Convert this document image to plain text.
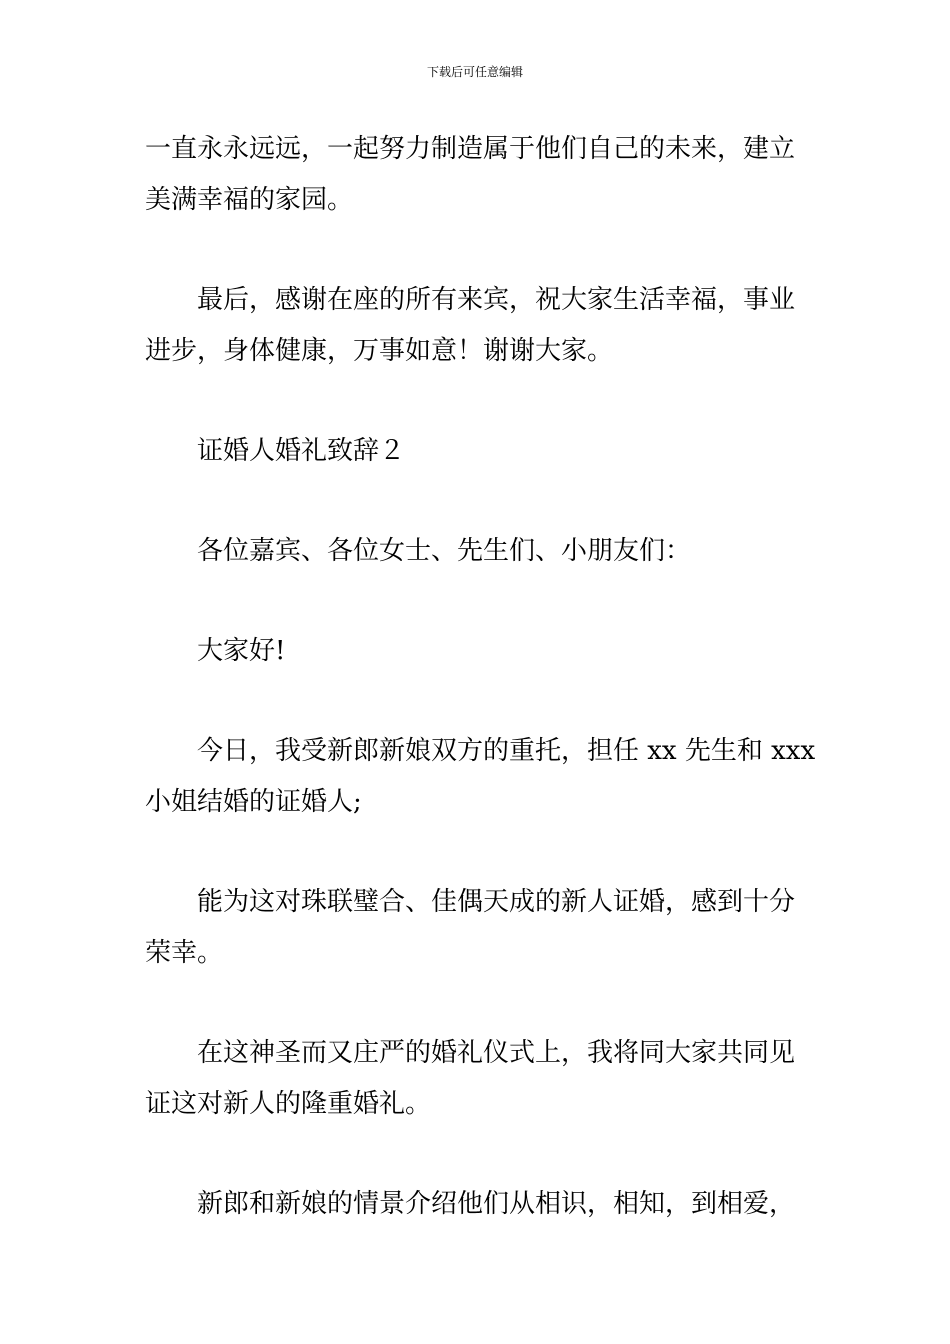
下载后可任意编辑
一直永永远远，一起努力制造属于他们自己的未来，建立
美满幸福的家园。
最后，感谢在座的所有来宾，祝大家生活幸福，事业
进步，身体健康，万事如意！谢谢大家。
证婚人婚礼致辞２
各位嘉宾、各位女士、先生们、小朋友们：
大家好!
今日，我受新郎新娘双方的重托，担任 xx 先生和 xxx
小姐结婚的证婚人;
能为这对珠联璧合、佳偶天成的新人证婚，感到十分
荣幸。
在这神圣而又庄严的婚礼仪式上，我将同大家共同见
证这对新人的隆重婚礼。
新郎和新娘的情景介绍他们从相识，相知，到相爱，
